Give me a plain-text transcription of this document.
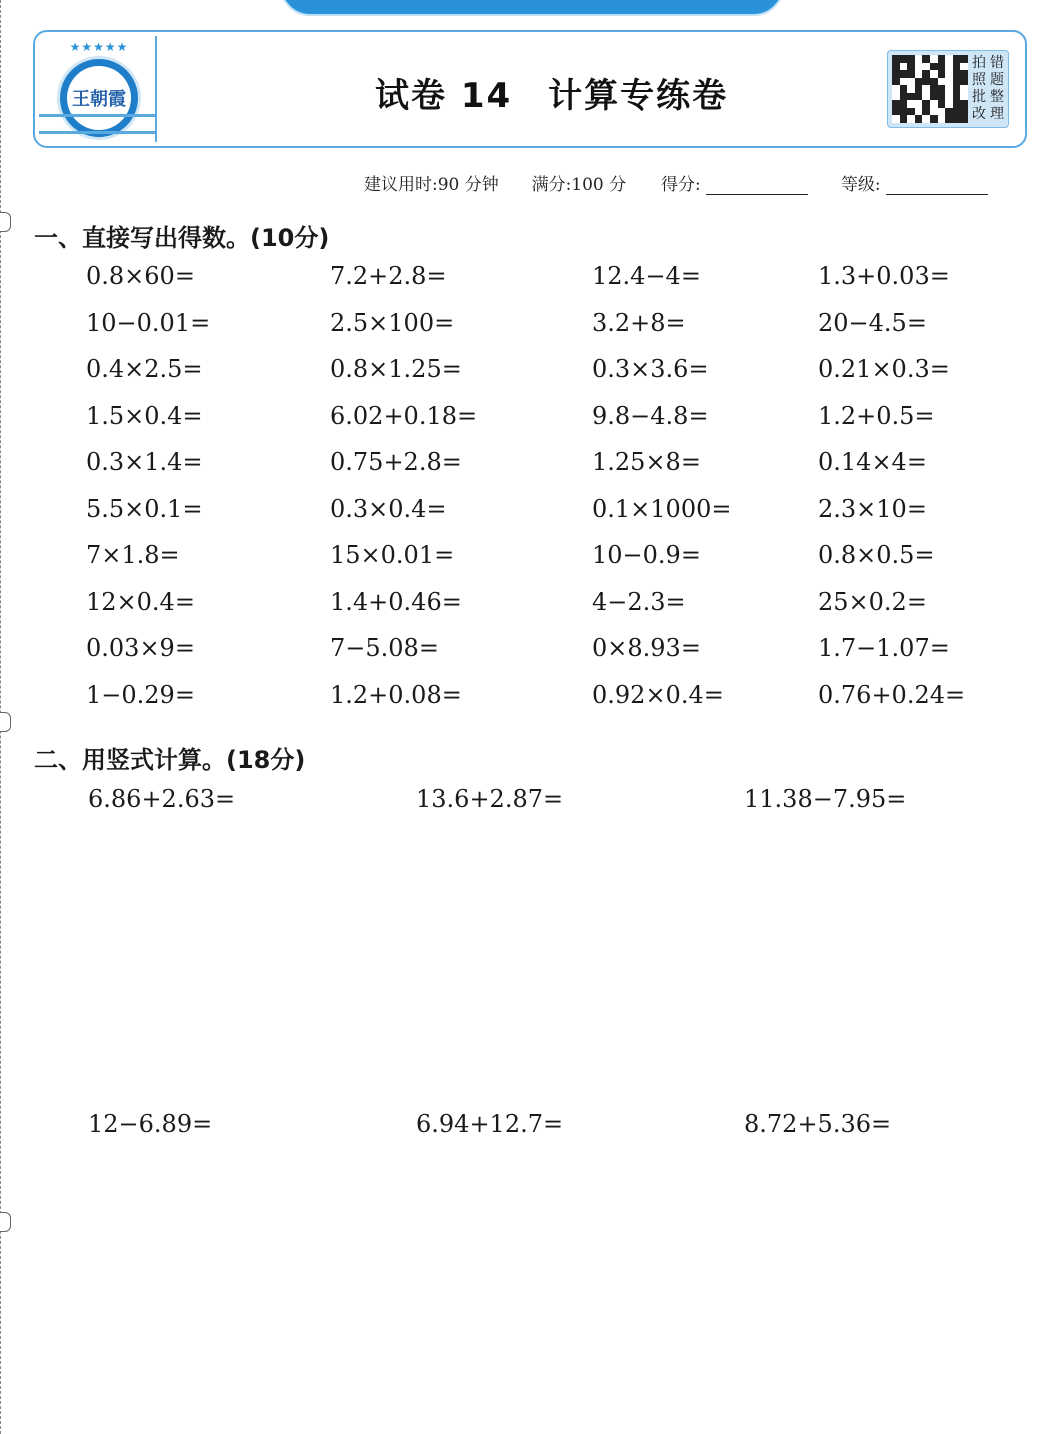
★★★★★
王朝霞	试卷 14　计算专练卷
拍 错
照 题
批 整
改 理
建议用时:90 分钟 满分:100 分 得分:	等级:
一、直接写出得数。(10分)
0.8×60=	7.2+2.8=	12.4−4=	1.3+0.03=
10−0.01=	2.5×100=	3.2+8=	20−4.5=
0.4×2.5=	0.8×1.25=	0.3×3.6=	0.21×0.3=
1.5×0.4=	6.02+0.18=	9.8−4.8=	1.2+0.5=
0.3×1.4=	0.75+2.8=	1.25×8=	0.14×4=
5.5×0.1=	0.3×0.4=	0.1×1000=	2.3×10=
7×1.8=	15×0.01=	10−0.9=	0.8×0.5=
12×0.4=	1.4+0.46=	4−2.3=	25×0.2=
0.03×9=	7−5.08=	0×8.93=	1.7−1.07=
1−0.29=	1.2+0.08=	0.92×0.4=	0.76+0.24=
二、用竖式计算。(18分)
6.86+2.63=	13.6+2.87=	11.38−7.95=
12−6.89=	6.94+12.7=	8.72+5.36=
